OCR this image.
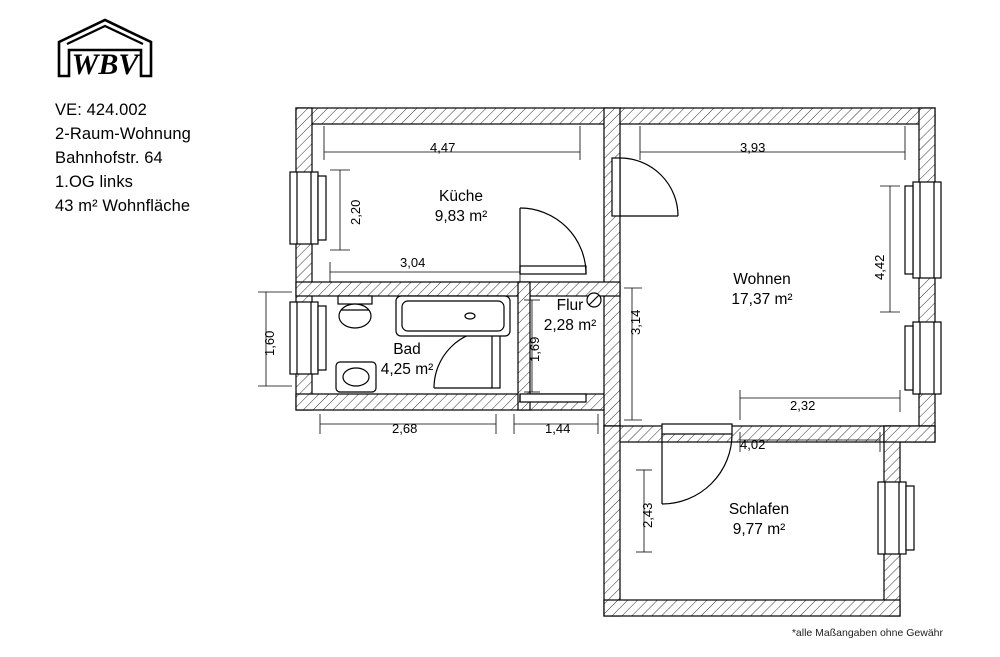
WBV
VE: 424.002
2-Raum-Wohnung
Bahnhofstr. 64
1.OG links
43 m² Wohnfläche
Küche
9,83 m²
Wohnen
17,37 m²
Flur
2,28 m²
Bad
4,25 m²
Schlafen
9,77 m²
4,47	3,93
2,20
3,04
1,60	1,69
3,14
4,42
2,32
2,68	1,44
4,02
2,43
*alle Maßangaben ohne Gewähr
